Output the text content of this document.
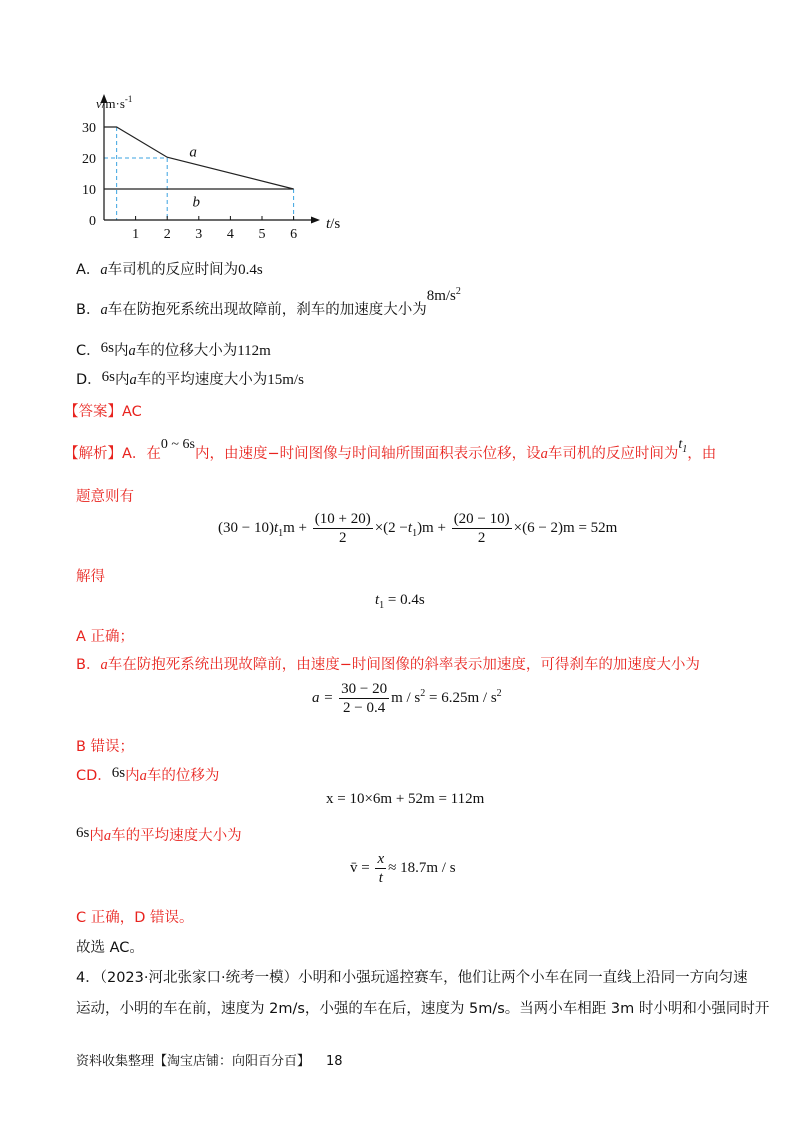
1 2 3 4 5 6
0
10
20
30
a
b
$v/m\cdot s^{-1}$
t/s
A．a车司机的反应时间为0.4s
B．a车在防抱死系统出现故障前，刹车的加速度大小为$8m/s^2$
C．6s内a车的位移大小为112m
D．6s内a车的平均速度大小为15m/s
【答案】AC
【解析】A．在0 ~ 6s内，由速度−时间图像与时间轴所围面积表示位移，设a车司机的反应时间为$t_1$，由
题意则有
$(30 - 10)t_1m + \frac{(10 + 20)}{2} \times(2 -t_1)m + \frac{(20 - 10)}{2} \times(6 - 2)m = 52m$
解得
$t_1 = 0.4s$
A 正确；
B．a车在防抱死系统出现故障前，由速度−时间图像的斜率表示加速度，可得刹车的加速度大小为
$a = \frac{30 - 20}{2 - 0.4}$ $m / s^2 = 6.25m / s^2$
B 错误；
CD．6s内a车的位移为
x = 10×6m + 52m = 112m
6s内a车的平均速度大小为
v̄ = $\frac{x}{t} \approx 18.7m / s$
C 正确，D 错误。
故选 AC。
4．（2023·河北张家口·统考一模）小明和小强玩遥控赛车，他们让两个小车在同一直线上沿同一方向匀速
运动，小明的车在前，速度为 2m/s，小强的车在后，速度为 5m/s。当两小车相距 3m 时小明和小强同时开
资料收集整理【淘宝店铺：向阳百分百】 18
